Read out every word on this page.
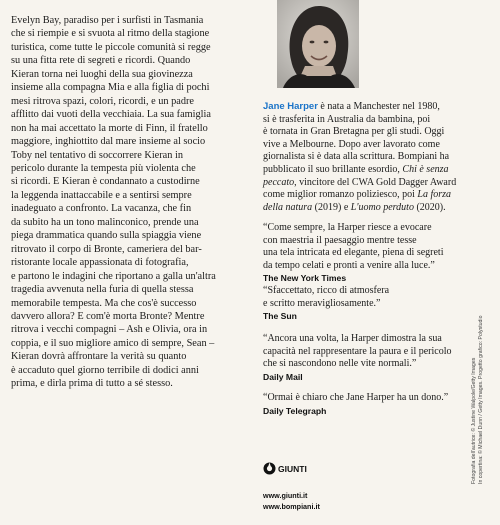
Evelyn Bay, paradiso per i surfisti in Tasmania

che si riempie e si svuota al ritmo della stagione

turistica, come tutte le piccole comunità si regge

su una fitta rete di segreti e ricordi. Quando

Kieran torna nei luoghi della sua giovinezza

insieme alla compagna Mia e alla figlia di pochi

mesi ritrova spazi, colori, ricordi, e un padre

afflitto dai vuoti della vecchiaia. La sua famiglia

non ha mai accettato la morte di Finn, il fratello

maggiore, inghiottito dal mare insieme al socio

Toby nel tentativo di soccorrere Kieran in

pericolo durante la tempesta più violenta che

si ricordi. E Kieran è condannato a custodirne

la leggenda inattaccabile e a sentirsi sempre

inadeguato a confronto. La vacanza, che fin

da subito ha un tono malinconico, prende una

piega drammatica quando sulla spiaggia viene

ritrovato il corpo di Bronte, cameriera del bar-

ristorante locale appassionata di fotografia,

e partono le indagini che riportano a galla un'altra

tragedia avvenuta nella furia di quella stessa

memorabile tempesta. Ma che cos'è successo

davvero allora? E com'è morta Bronte? Mentre

ritrova i vecchi compagni – Ash e Olivia, ora in

coppia, e il suo migliore amico di sempre, Sean –

Kieran dovrà affrontare la verità su quanto

è accaduto quel giorno terribile di dodici anni

prima, e dirla prima di tutto a sé stesso.

Jane Harper è nata a Manchester nel 1980,

si è trasferita in Australia da bambina, poi

è tornata in Gran Bretagna per gli studi. Oggi

vive a Melbourne. Dopo aver lavorato come

giornalista si è data alla scrittura. Bompiani ha

pubblicato il suo brillante esordio, Chi è senza

peccato, vincitore del CWA Gold Dagger Award

come miglior romanzo poliziesco, poi La forza

della natura (2019) e L'uomo perduto (2020).

“Come sempre, la Harper riesce a evocare

con maestria il paesaggio mentre tesse

una tela intricata ed elegante, piena di segreti

da tempo celati e pronti a venire alla luce.”

The New York Times

“Sfaccettato, ricco di atmosfera

e scritto meravigliosamente.”

The Sun

“Ancora una volta, la Harper dimostra la sua

capacità nel rappresentare la paura e il pericolo

che si nascondono nelle vite normali.”

Daily Mail

“Ormai è chiaro che Jane Harper ha un dono.”

Daily Telegraph

GIUNTI
www.giunti.it
www.bompiani.it
Fotografia dell'autrice: © Justine Walpole/Getty Images In copertina: © Michael Dunn / Getty Images. Progetto grafico: Polystudio
